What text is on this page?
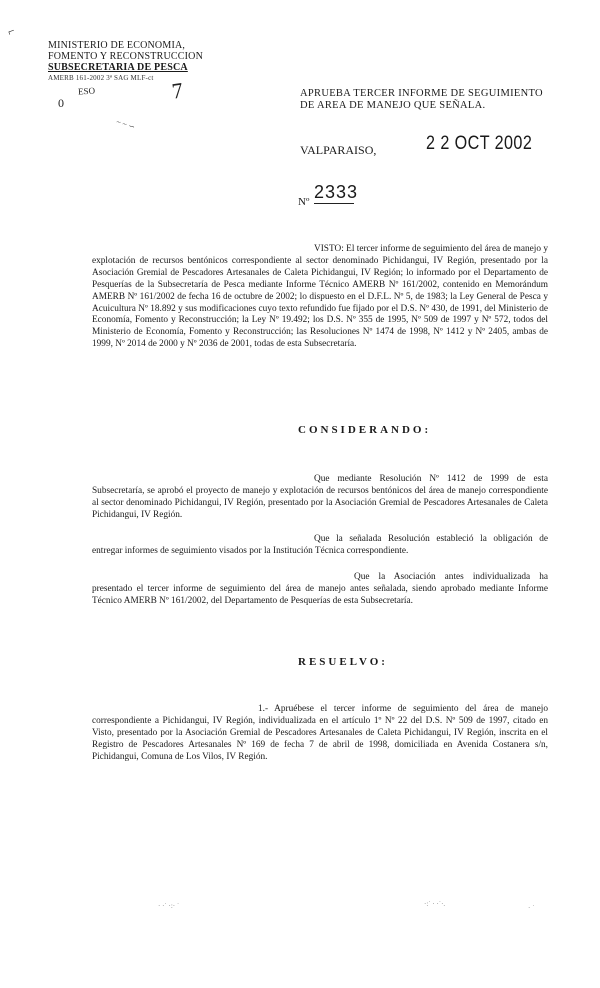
⌐
MINISTERIO DE ECONOMIA,
FOMENTO Y RECONSTRUCCION
SUBSECRETARIA DE PESCA
AMERB 161-2002 3ª SAG MLF-ct
ESO
0	7
~ ~ ∽
APRUEBA TERCER INFORME DE SEGUIMIENTO
DE AREA DE MANEJO QUE SEÑALA.
VALPARAISO,	2 2 OCT 2002
Nº 2333

VISTO: El tercer informe de seguimiento del área de manejo y explotación de recursos bentónicos correspondiente al sector denominado Pichidangui, IV Región, presentado por la Asociación Gremial de Pescadores Artesanales de Caleta Pichidangui, IV Región; lo informado por el Departamento de Pesquerías de la Subsecretaría de Pesca mediante Informe Técnico AMERB Nº 161/2002, contenido en Memorándum AMERB Nº 161/2002 de fecha 16 de octubre de 2002; lo dispuesto en el D.F.L. Nº 5, de 1983; la Ley General de Pesca y Acuicultura Nº 18.892 y sus modificaciones cuyo texto refundido fue fijado por el D.S. Nº 430, de 1991, del Ministerio de Economía, Fomento y Reconstrucción; la Ley Nº 19.492; los D.S. Nº 355 de 1995, Nº 509 de 1997 y Nº 572, todos del Ministerio de Economía, Fomento y Reconstrucción; las Resoluciones Nº 1474 de 1998, Nº 1412 y Nº 2405, ambas de 1999, Nº 2014 de 2000 y Nº 2036 de 2001, todas de esta Subsecretaría.

CONSIDERANDO:

Que mediante Resolución Nº 1412 de 1999 de esta Subsecretaría, se aprobó el proyecto de manejo y explotación de recursos bentónicos del área de manejo correspondiente al sector denominado Pichidangui, IV Región, presentado por la Asociación Gremial de Pescadores Artesanales de Caleta Pichidangui, IV Región.

Que la señalada Resolución estableció la obligación de entregar informes de seguimiento visados por la Institución Técnica correspondiente.

Que la Asociación antes individualizada ha presentado el tercer informe de seguimiento del área de manejo antes señalada, siendo aprobado mediante Informe Técnico AMERB Nº 161/2002, del Departamento de Pesquerías de esta Subsecretaría.

RESUELVO:

1.- Apruébese el tercer informe de seguimiento del área de manejo correspondiente a Pichidangui, IV Región, individualizada en el artículo 1º Nº 22 del D.S. Nº 509 de 1997, citado en Visto, presentado por la Asociación Gremial de Pescadores Artesanales de Caleta Pichidangui, IV Región, inscrita en el Registro de Pescadores Artesanales Nº 169 de fecha 7 de abril de 1998, domiciliada en Avenida Costanera s/n, Pichidangui, Comuna de Los Vilos, IV Región.

· ·˙ ·:· ˙	·:˙ · ·˙·.	· ˙
